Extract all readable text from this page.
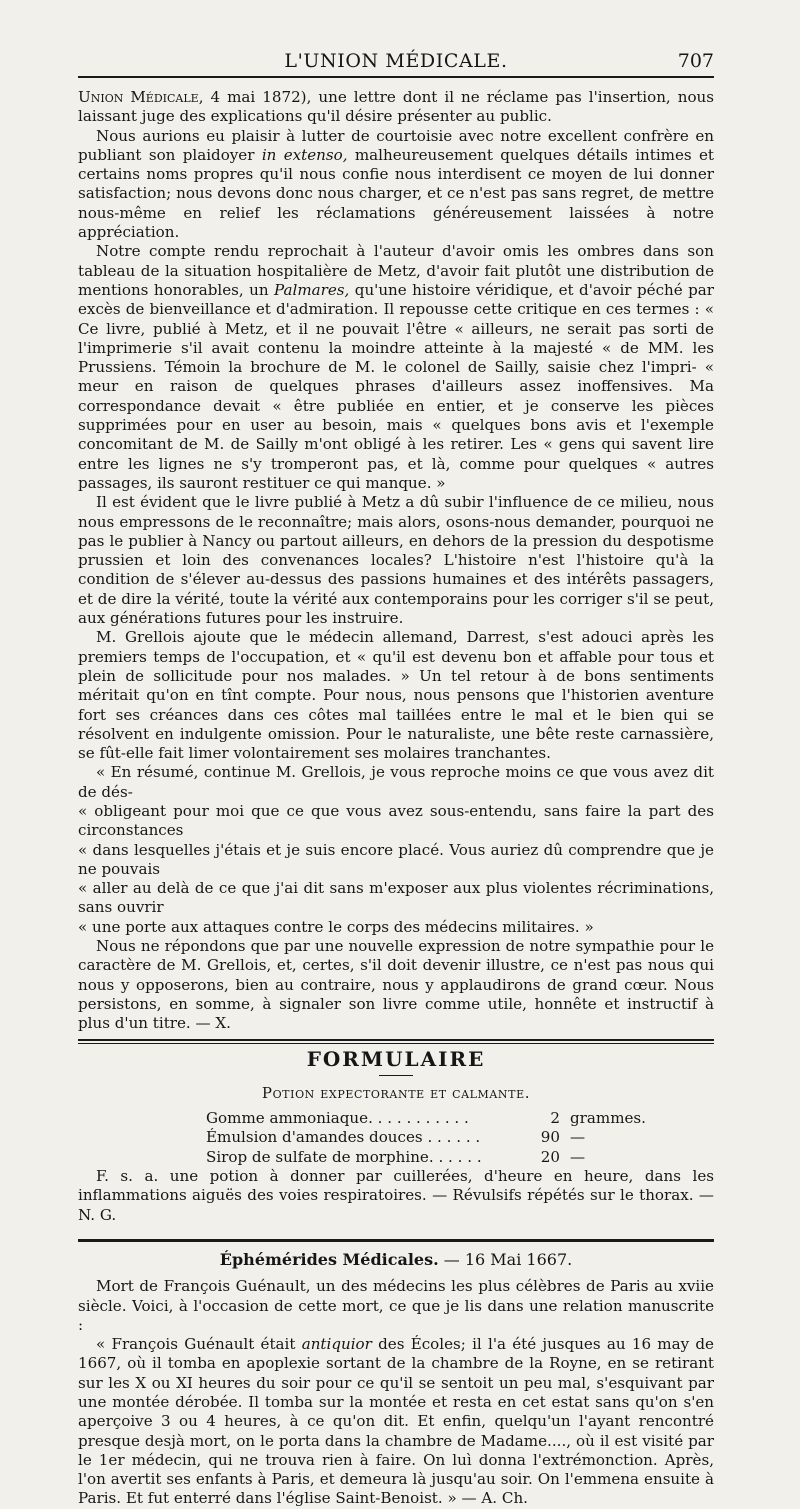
L'UNION MÉDICALE.	707

Union Médicale, 4 mai 1872), une lettre dont il ne réclame pas l'insertion, nous laissant juge des explications qu'il désire présenter au public.

Nous aurions eu plaisir à lutter de courtoisie avec notre excellent confrère en publiant son plaidoyer in extenso, malheureusement quelques détails intimes et certains noms propres qu'il nous confie nous interdisent ce moyen de lui donner satisfaction; nous devons donc nous charger, et ce n'est pas sans regret, de mettre nous-même en relief les réclamations généreusement laissées à notre appréciation.

Notre compte rendu reprochait à l'auteur d'avoir omis les ombres dans son tableau de la situation hospitalière de Metz, d'avoir fait plutôt une distribution de mentions honorables, un Palmares, qu'une histoire véridique, et d'avoir péché par excès de bienveillance et d'admiration. Il repousse cette critique en ces termes : « Ce livre, publié à Metz, et il ne pouvait l'être « ailleurs, ne serait pas sorti de l'imprimerie s'il avait contenu la moindre atteinte à la majesté « de MM. les Prussiens. Témoin la brochure de M. le colonel de Sailly, saisie chez l'impri- « meur en raison de quelques phrases d'ailleurs assez inoffensives. Ma correspondance devait « être publiée en entier, et je conserve les pièces supprimées pour en user au besoin, mais « quelques bons avis et l'exemple concomitant de M. de Sailly m'ont obligé à les retirer. Les « gens qui savent lire entre les lignes ne s'y tromperont pas, et là, comme pour quelques « autres passages, ils sauront restituer ce qui manque. »

Il est évident que le livre publié à Metz a dû subir l'influence de ce milieu, nous nous empressons de le reconnaître; mais alors, osons-nous demander, pourquoi ne pas le publier à Nancy ou partout ailleurs, en dehors de la pression du despotisme prussien et loin des convenances locales? L'histoire n'est l'histoire qu'à la condition de s'élever au-dessus des passions humaines et des intérêts passagers, et de dire la vérité, toute la vérité aux contemporains pour les corriger s'il se peut, aux générations futures pour les instruire.

M. Grellois ajoute que le médecin allemand, Darrest, s'est adouci après les premiers temps de l'occupation, et « qu'il est devenu bon et affable pour tous et plein de sollicitude pour nos malades. » Un tel retour à de bons sentiments méritait qu'on en tînt compte. Pour nous, nous pensons que l'historien aventure fort ses créances dans ces côtes mal taillées entre le mal et le bien qui se résolvent en indulgente omission. Pour le naturaliste, une bête reste carnassière, se fût-elle fait limer volontairement ses molaires tranchantes.

« En résumé, continue M. Grellois, je vous reproche moins ce que vous avez dit de dés-

« obligeant pour moi que ce que vous avez sous-entendu, sans faire la part des circonstances

« dans lesquelles j'étais et je suis encore placé. Vous auriez dû comprendre que je ne pouvais

« aller au delà de ce que j'ai dit sans m'exposer aux plus violentes récriminations, sans ouvrir

« une porte aux attaques contre le corps des médecins militaires. »

Nous ne répondons que par une nouvelle expression de notre sympathie pour le caractère de M. Grellois, et, certes, s'il doit devenir illustre, ce n'est pas nous qui nous y opposerons, bien au contraire, nous y applaudirons de grand cœur. Nous persistons, en somme, à signaler son livre comme utile, honnête et instructif à plus d'un titre. — X.

FORMULAIRE
Potion expectorante et calmante.
Gomme ammoniaque. . . . . . . . . . .	2	grammes.
Émulsion d'amandes douces . . . . . .	90	—
Sirop de sulfate de morphine. . . . . .	20	—

F. s. a. une potion à donner par cuillerées, d'heure en heure, dans les inflammations aiguës des voies respiratoires. — Révulsifs répétés sur le thorax. — N. G.

Éphémérides Médicales. — 16 Mai 1667.

Mort de François Guénault, un des médecins les plus célèbres de Paris au xviie siècle. Voici, à l'occasion de cette mort, ce que je lis dans une relation manuscrite :

« François Guénault était antiquior des Écoles; il l'a été jusques au 16 may de 1667, où il tomba en apoplexie sortant de la chambre de la Royne, en se retirant sur les X ou XI heures du soir pour ce qu'il se sentoit un peu mal, s'esquivant par une montée dérobée. Il tomba sur la montée et resta en cet estat sans qu'on s'en aperçoive 3 ou 4 heures, à ce qu'on dit. Et enfin, quelqu'un l'ayant rencontré presque desjà mort, on le porta dans la chambre de Madame...., où il est visité par le 1er médecin, qui ne trouva rien à faire. On luì donna l'extrémonction. Après, l'on avertit ses enfants à Paris, et demeura là jusqu'au soir. On l'emmena ensuite à Paris. Et fut enterré dans l'église Saint-Benoist. » — A. Ch.
